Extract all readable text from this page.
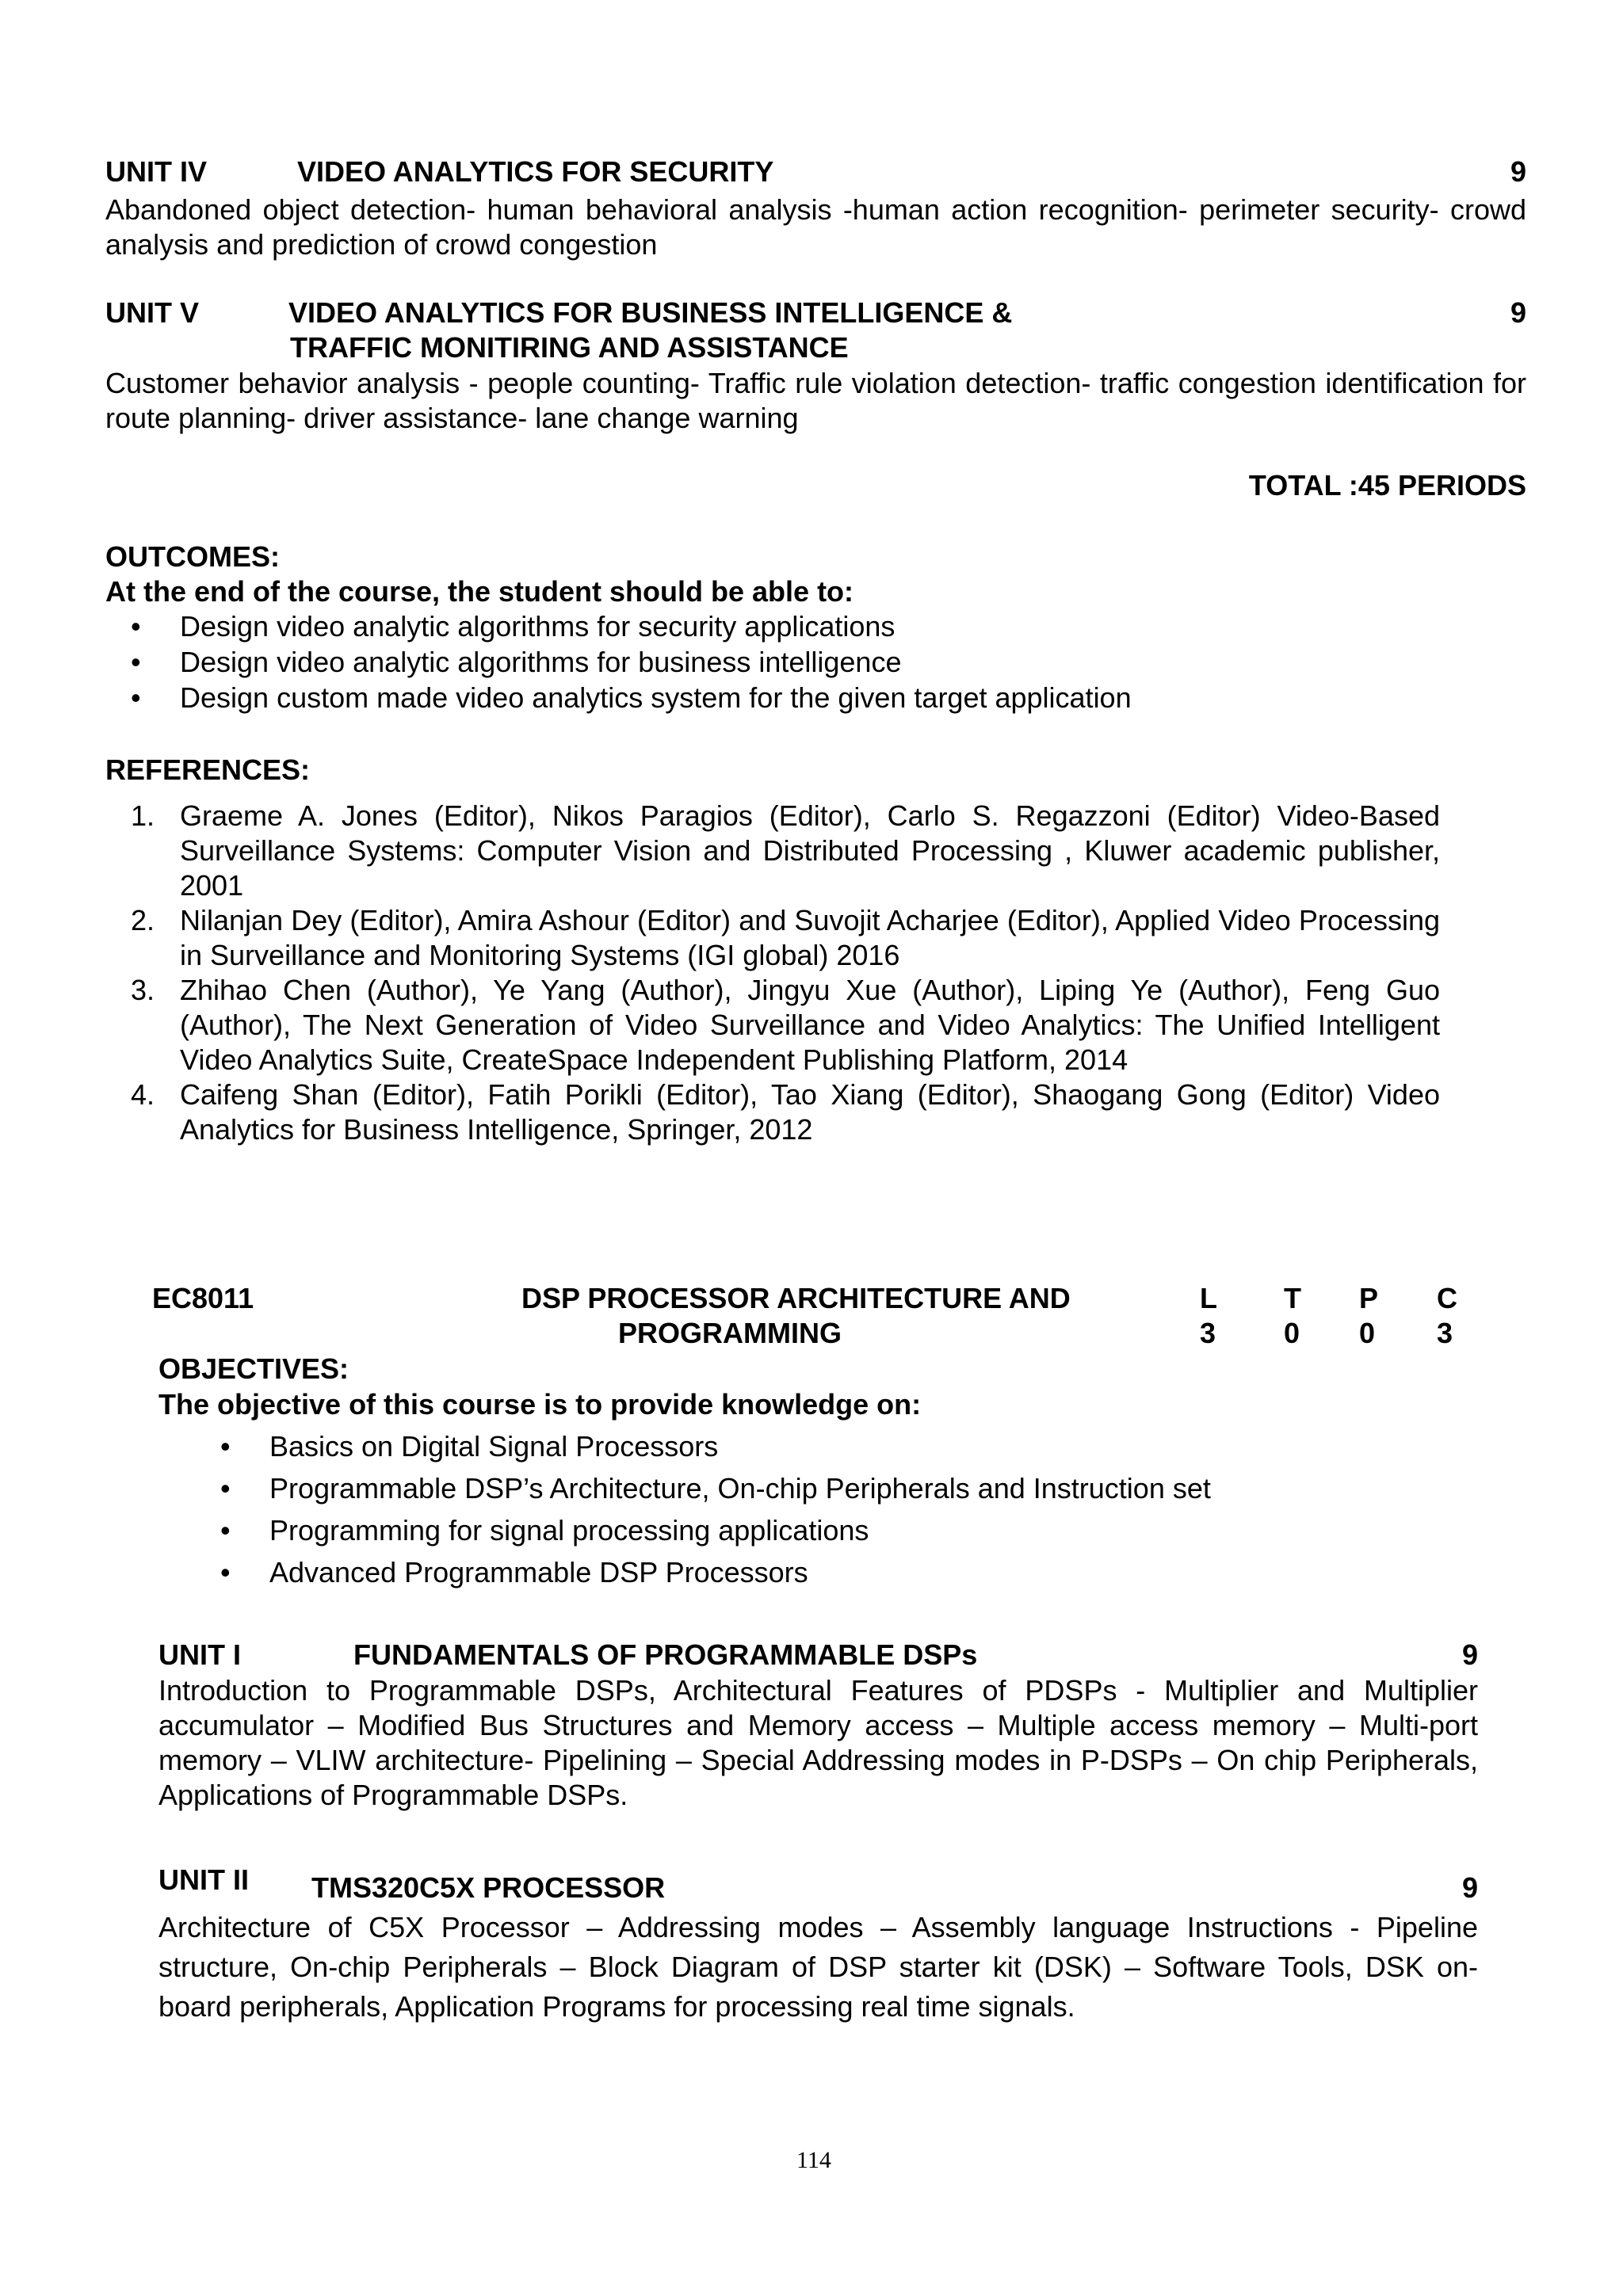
UNIT IV	VIDEO ANALYTICS FOR SECURITY	9
Abandoned object detection- human behavioral analysis -human action recognition- perimeter security- crowd analysis and prediction of crowd congestion
UNIT V	VIDEO ANALYTICS FOR BUSINESS INTELLIGENCE &
TRAFFIC MONITIRING AND ASSISTANCE
9
Customer behavior analysis - people counting- Traffic rule violation detection- traffic congestion identification for route planning- driver assistance- lane change warning
TOTAL :45 PERIODS
OUTCOMES:
At the end of the course, the student should be able to:
• Design video analytic algorithms for security applications
• Design video analytic algorithms for business intelligence
• Design custom made video analytics system for the given target application
REFERENCES:
1. Graeme A. Jones (Editor), Nikos Paragios (Editor), Carlo S. Regazzoni (Editor) Video-Based Surveillance Systems: Computer Vision and Distributed Processing , Kluwer academic publisher, 2001
2. Nilanjan Dey (Editor), Amira Ashour (Editor) and Suvojit Acharjee (Editor), Applied Video Processing in Surveillance and Monitoring Systems (IGI global) 2016
3. Zhihao Chen (Author), Ye Yang (Author), Jingyu Xue (Author), Liping Ye (Author), Feng Guo (Author), The Next Generation of Video Surveillance and Video Analytics: The Unified Intelligent Video Analytics Suite, CreateSpace Independent Publishing Platform, 2014
4. Caifeng Shan (Editor), Fatih Porikli (Editor), Tao Xiang (Editor), Shaogang Gong (Editor) Video Analytics for Business Intelligence, Springer, 2012
EC8011	DSP PROCESSOR ARCHITECTURE AND
PROGRAMMING
L T P C
3 0 0 3
OBJECTIVES:
The objective of this course is to provide knowledge on:
• Basics on Digital Signal Processors
• Programmable DSP’s Architecture, On-chip Peripherals and Instruction set
• Programming for signal processing applications
• Advanced Programmable DSP Processors
UNIT I	FUNDAMENTALS OF PROGRAMMABLE DSPs	9
Introduction to Programmable DSPs, Architectural Features of PDSPs - Multiplier and Multiplier accumulator – Modified Bus Structures and Memory access – Multiple access memory – Multi-port memory – VLIW architecture- Pipelining – Special Addressing modes in P-DSPs – On chip Peripherals, Applications of Programmable DSPs.
UNIT II TMS320C5X PROCESSOR	9
Architecture of C5X Processor – Addressing modes – Assembly language Instructions - Pipeline structure, On-chip Peripherals – Block Diagram of DSP starter kit (DSK) – Software Tools, DSK on-board peripherals, Application Programs for processing real time signals.
114
